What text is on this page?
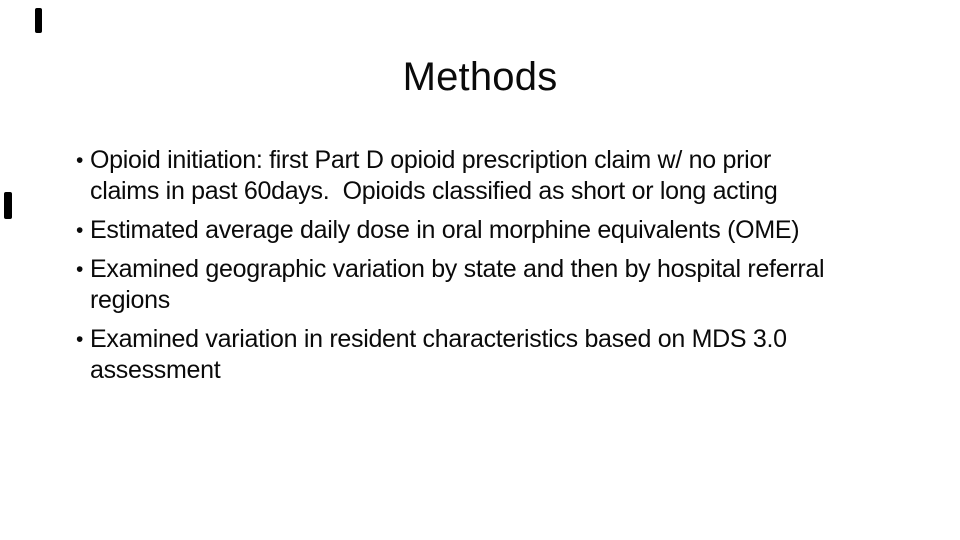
Methods
• Opioid initiation: first Part D opioid prescription claim w/ no prior
claims in past 60days.  Opioids classified as short or long acting
• Estimated average daily dose in oral morphine equivalents (OME)
• Examined geographic variation by state and then by hospital referral
regions
• Examined variation in resident characteristics based on MDS 3.0
assessment
